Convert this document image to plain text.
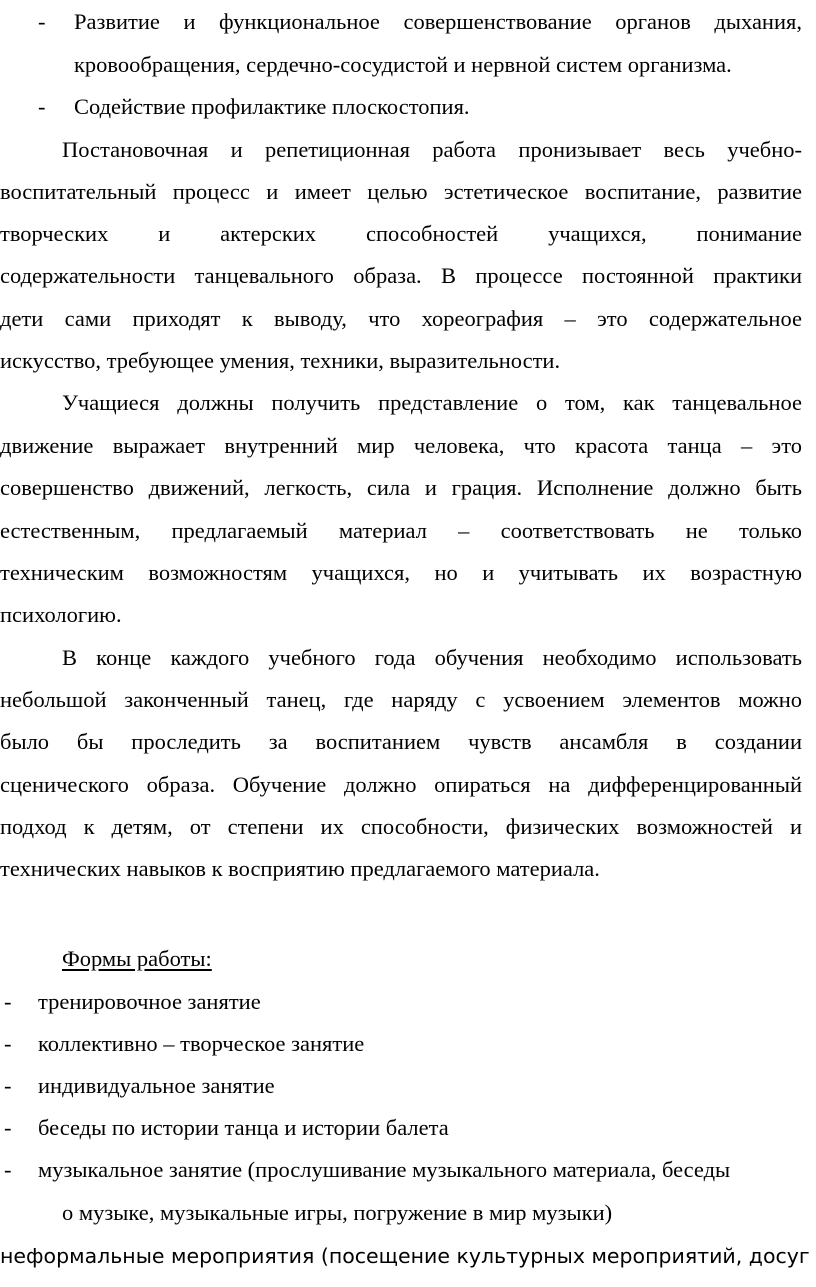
- Развитие и функциональное совершенствование органов дыхания,
кровообращения, сердечно-сосудистой и нервной систем организма.
- Содействие профилактике плоскостопия.
Постановочная и репетиционная работа пронизывает весь учебно-
воспитательный процесс и имеет целью эстетическое воспитание, развитие
творческих и актерских способностей учащихся, понимание
содержательности танцевального образа. В процессе постоянной практики
дети сами приходят к выводу, что хореография – это содержательное
искусство, требующее умения, техники, выразительности.
Учащиеся должны получить представление о том, как танцевальное
движение выражает внутренний мир человека, что красота танца – это
совершенство движений, легкость, сила и грация. Исполнение должно быть
естественным, предлагаемый материал – соответствовать не только
техническим возможностям учащихся, но и учитывать их возрастную
психологию.
В конце каждого учебного года обучения необходимо использовать
небольшой законченный танец, где наряду с усвоением элементов можно
было бы проследить за воспитанием чувств ансамбля в создании
сценического образа. Обучение должно опираться на дифференцированный
подход к детям, от степени их способности, физических возможностей и
технических навыков к восприятию предлагаемого материала.
Формы работы:
- тренировочное занятие
- коллективно – творческое занятие
- индивидуальное занятие
- беседы по истории танца и истории балета
- музыкальное занятие (прослушивание музыкального материала, беседы
о музыке, музыкальные игры, погружение в мир музыки)
неформальные мероприятия (посещение культурных мероприятий, досуг
